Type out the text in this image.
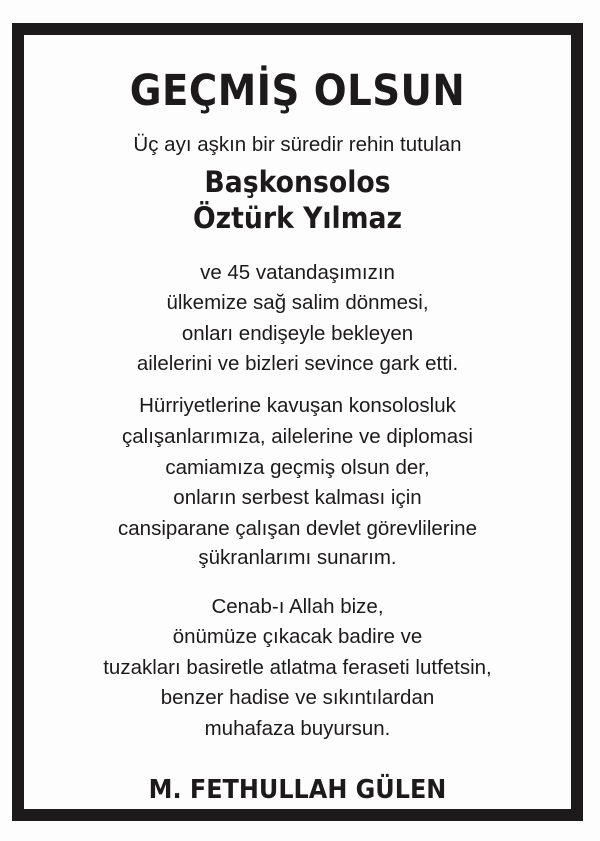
GEÇMİŞ OLSUN
Üç ayı aşkın bir süredir rehin tutulan
Başkonsolos
Öztürk Yılmaz
ve 45 vatandaşımızın
ülkemize sağ salim dönmesi,
onları endişeyle bekleyen
ailelerini ve bizleri sevince gark etti.
Hürriyetlerine kavuşan konsolosluk
çalışanlarımıza, ailelerine ve diplomasi
camiamıza geçmiş olsun der,
onların serbest kalması için
cansiparane çalışan devlet görevlilerine
şükranlarımı sunarım.
Cenab-ı Allah bize,
önümüze çıkacak badire ve
tuzakları basiretle atlatma feraseti lutfetsin,
benzer hadise ve sıkıntılardan
muhafaza buyursun.
M. FETHULLAH GÜLEN
